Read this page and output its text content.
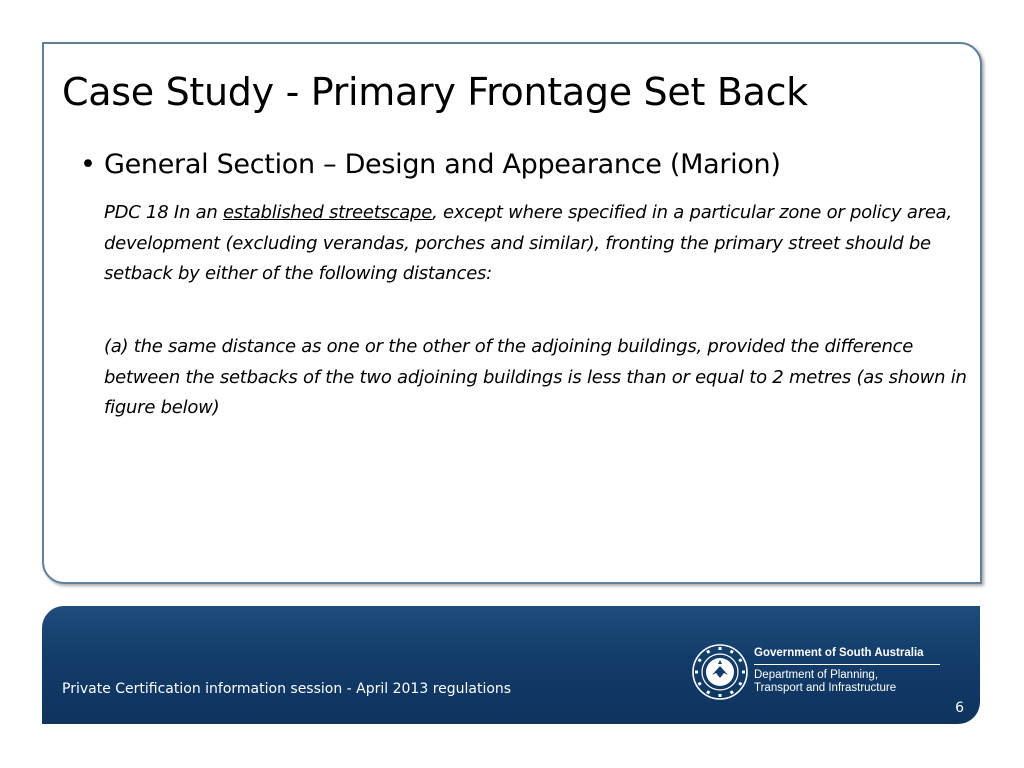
Case Study - Primary Frontage Set Back
• General Section – Design and Appearance (Marion)

PDC 18 In an established streetscape, except where specified in a particular zone or policy area, development (excluding verandas, porches and similar), fronting the primary street should be setback by either of the following distances:

(a) the same distance as one or the other of the adjoining buildings, provided the difference between the setbacks of the two adjoining buildings is less than or equal to 2 metres (as shown in figure below)

Government of South Australia
Department of Planning,
Transport and Infrastructure
Private Certification information session - April 2013 regulations
6
